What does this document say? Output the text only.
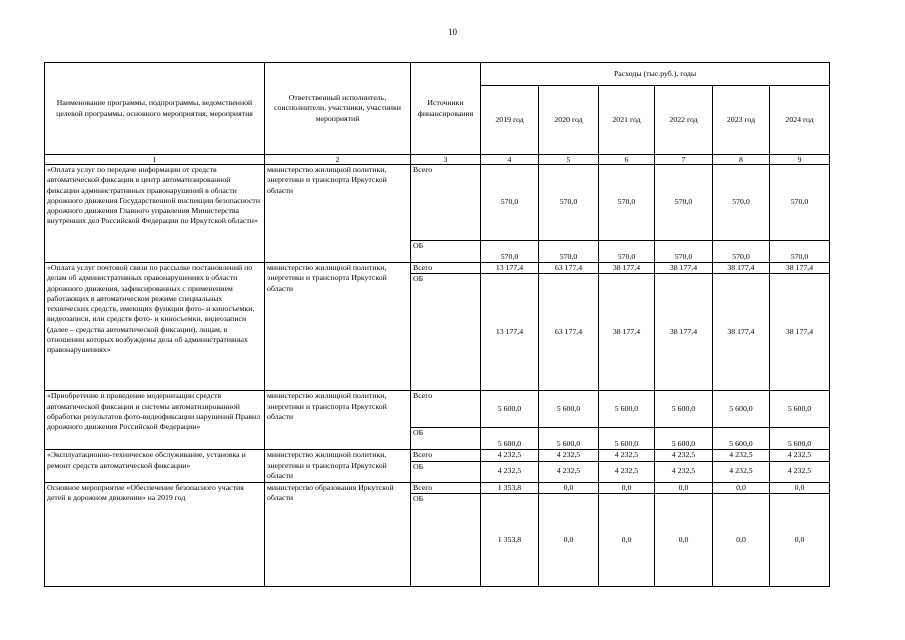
10
Наименование программы, подпрограммы, ведомственной целевой программы, основного мероприятия, мероприятия	Ответственный исполнитель, соисполнители, участники, участники мероприятий	Источники финансирования	Расходы (тыс.руб.), годы					
			2019 год	2020 год	2021 год	2022 год	2023 год	2024 год
1	2	3	4	5	6	7	8	9
«Оплата услуг по передаче информации от средств автоматической фиксации в центр автоматизированной фиксации административных правонарушений в области дорожного движения Государственной инспекции безопасности дорожного движения Главного управления Министерства внутренних дел Российской Федерации по Иркутской области»	министерство жилищной политики, энергетики и транспорта Иркутской области	Всего	570,0	570,0	570,0	570,0	570,0	570,0
		ОБ	570,0	570,0	570,0	570,0	570,0	570,0
«Оплата услуг почтовой связи по рассылке постановлений по делам об административных правонарушениях в области дорожного движения, зафиксированных с применением работающих в автоматическом режиме специальных технических средств, имеющих функции фото- и киносъемки, видеозаписи, или средств фото- и киносъемки, видеозаписи (далее – средства автоматической фиксации), лицам, в отношении которых возбуждены дела об административных правонарушениях»	министерство жилищной политики, энергетики и транспорта Иркутской области	Всего	13 177,4	63 177,4	38 177,4	38 177,4	38 177,4	38 177,4
		ОБ	13 177,4	63 177,4	38 177,4	38 177,4	38 177,4	38 177,4
«Приобретение и проведение модернизации средств автоматической фиксации и системы автоматизированной обработки результатов фото-видеофиксации нарушений Правил дорожного движения Российской Федерации»	министерство жилищной политики, энергетики и транспорта Иркутской области	Всего	5 600,0	5 600,0	5 600,0	5 600,0	5 600,0	5 600,0
		ОБ	5 600,0	5 600,0	5 600,0	5 600,0	5 600,0	5 600,0
«Эксплуатационно-техническое обслуживание, установка и ремонт средств автоматической фиксации»	министерство жилищной политики, энергетики и транспорта Иркутской области	Всего	4 232,5	4 232,5	4 232,5	4 232,5	4 232,5	4 232,5
		ОБ	4 232,5	4 232,5	4 232,5	4 232,5	4 232,5	4 232,5
Основное мероприятие «Обеспечение безопасного участия детей в дорожном движении» на 2019 год	министерство образования Иркутской области	Всего	1 353,8	0,0	0,0	0,0	0,0	0,0
		ОБ	1 353,8	0,0	0,0	0,0	0,0	0,0
